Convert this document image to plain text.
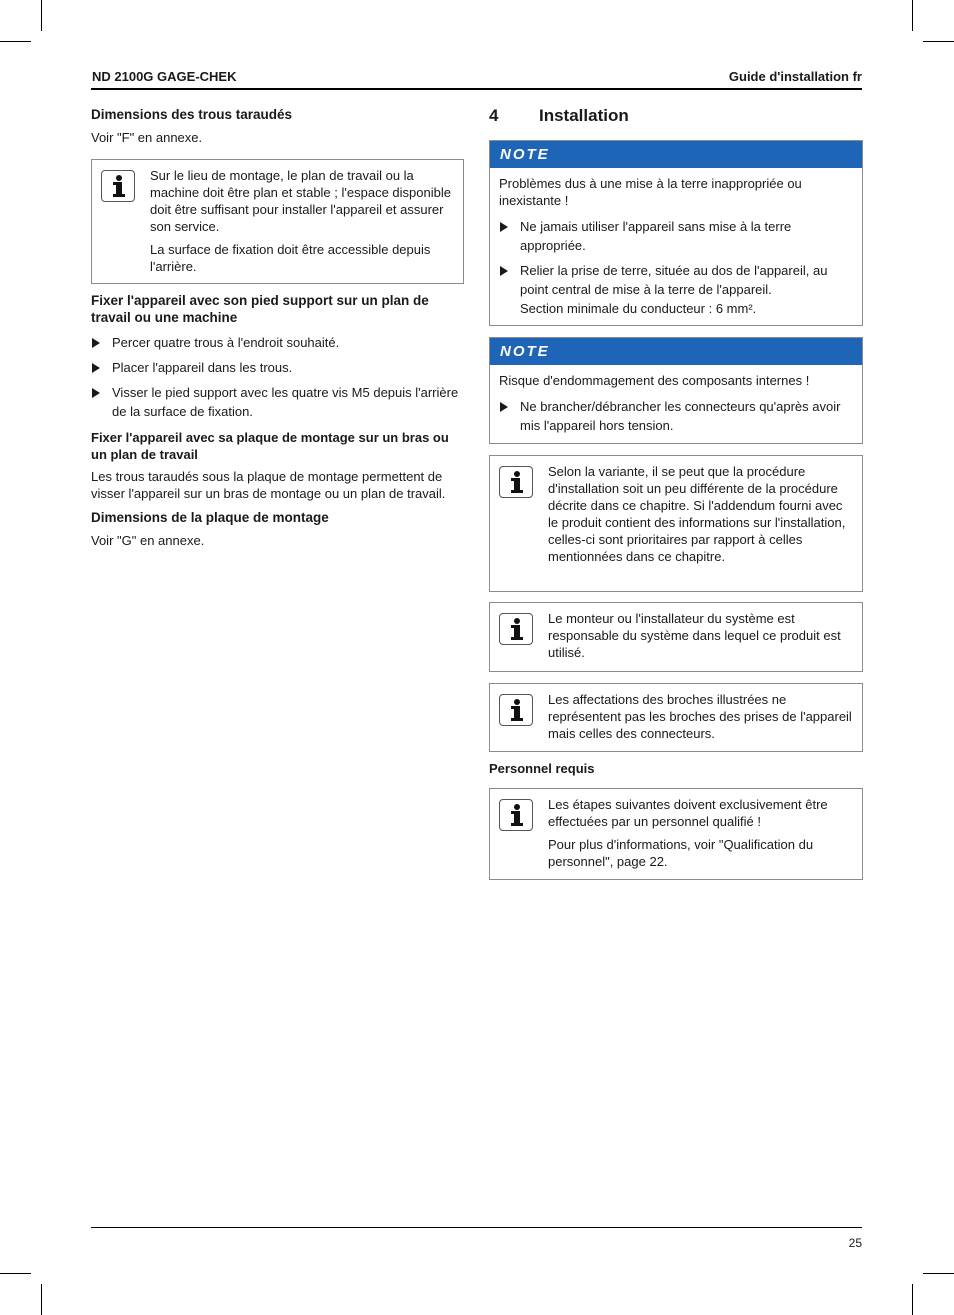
ND 2100G GAGE-CHEK	Guide d'installation fr
Dimensions des trous taraudés

Voir "F" en annexe.

Sur le lieu de montage, le plan de travail ou la machine doit être plan et stable ; l'espace disponible doit être suffisant pour installer l'appareil et assurer son service.

La surface de fixation doit être accessible depuis l'arrière.

Fixer l'appareil avec son pied support sur un plan de travail ou une machine
Percer quatre trous à l'endroit souhaité.
Placer l'appareil dans les trous.
Visser le pied support avec les quatre vis M5 depuis l'arrière de la surface de fixation.
Fixer l'appareil avec sa plaque de montage sur un bras ou un plan de travail

Les trous taraudés sous la plaque de montage permettent de visser l'appareil sur un bras de montage ou un plan de travail.

Dimensions de la plaque de montage

Voir "G" en annexe.

4 Installation
NOTE

Problèmes dus à une mise à la terre inappropriée ou inexistante !

Ne jamais utiliser l'appareil sans mise à la terre appropriée.
Relier la prise de terre, située au dos de l'appareil, au point central de mise à la terre de l'appareil.
Section minimale du conducteur : 6 mm².
NOTE

Risque d'endommagement des composants internes !

Ne brancher/débrancher les connecteurs qu'après avoir mis l'appareil hors tension.

Selon la variante, il se peut que la procédure d'installation soit un peu différente de la procédure décrite dans ce chapitre. Si l'addendum fourni avec le produit contient des informations sur l'installation, celles-ci sont prioritaires par rapport à celles mentionnées dans ce chapitre.

Le monteur ou l'installateur du système est responsable du système dans lequel ce produit est utilisé.

Les affectations des broches illustrées ne représentent pas les broches des prises de l'appareil mais celles des connecteurs.

Personnel requis

Les étapes suivantes doivent exclusivement être effectuées par un personnel qualifié !

Pour plus d'informations, voir "Qualification du personnel", page 22.

25
